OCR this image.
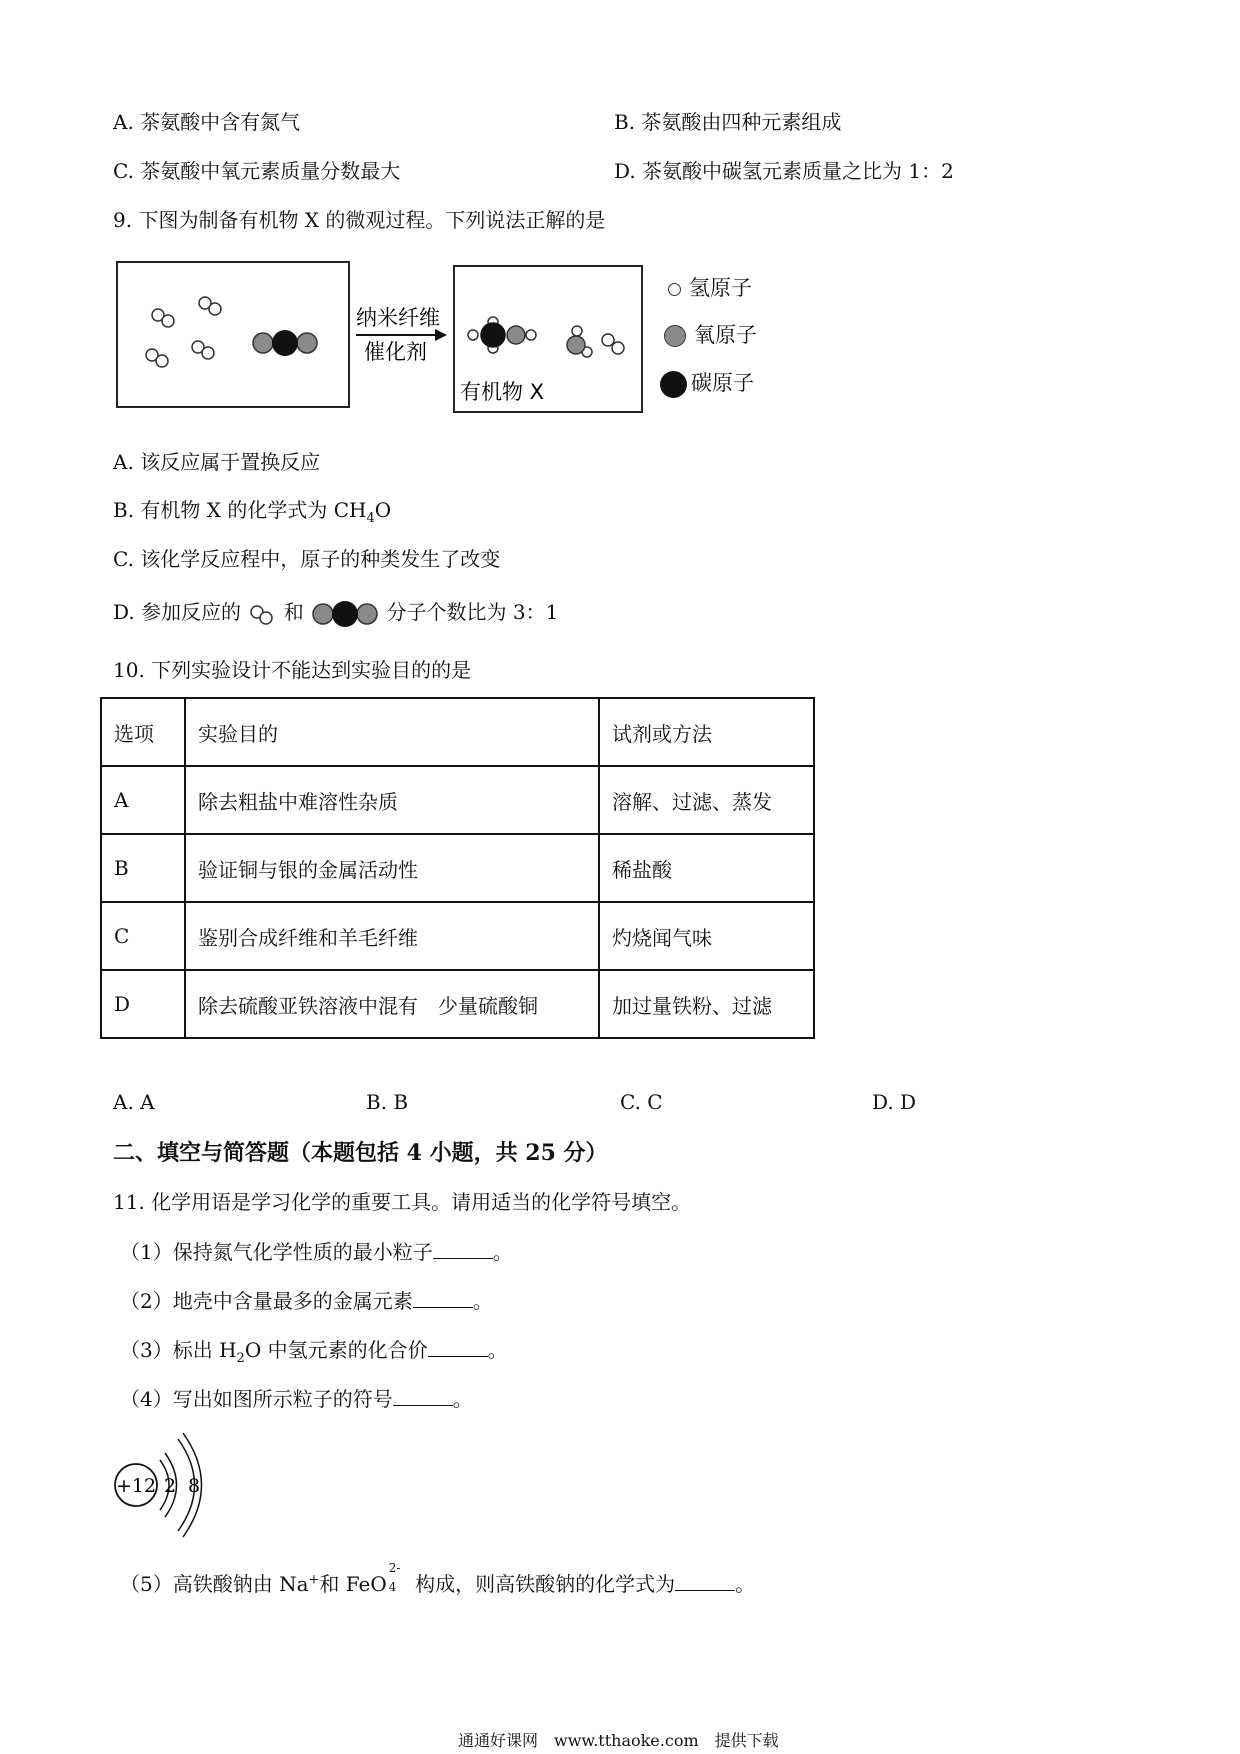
A. 茶氨酸中含有氮气	B. 茶氨酸由四种元素组成
C. 茶氨酸中氧元素质量分数最大	D. 茶氨酸中碳氢元素质量之比为 1：2
9. 下图为制备有机物 X 的微观过程。下列说法正解的是
纳米纤维
催化剂
有机物 X
氢原子
氧原子
碳原子
A. 该反应属于置换反应
B. 有机物 X 的化学式为 $CH_4O$
C. 该化学反应程中，原子的种类发生了改变
D. 参加反应的 和	分子个数比为 3：1
10. 下列实验设计不能达到实验目的的是
选项	实验目的	试剂或方法
A	除去粗盐中难溶性杂质	溶解、过滤、蒸发
B	验证铜与银的金属活动性	稀盐酸
C	鉴别合成纤维和羊毛纤维	灼烧闻气味
D	除去硫酸亚铁溶液中混有　少量硫酸铜	加过量铁粉、过滤
A. A	B. B	C. C	D. D
二、填空与简答题（本题包括 4 小题，共 25 分）
11. 化学用语是学习化学的重要工具。请用适当的化学符号填空。
（1）保持氮气化学性质的最小粒子	。
（2）地壳中含量最多的金属元素	。
（3）标出 $H_2O$ 中氢元素的化合价	。
（4）写出如图所示粒子的符号	。
+12 2 8
（5）高铁酸钠由 Na+和 FeO
2-
4 构成，则高铁酸钠的化学式为	。
通通好课网　www.tthaoke.com　提供下载
